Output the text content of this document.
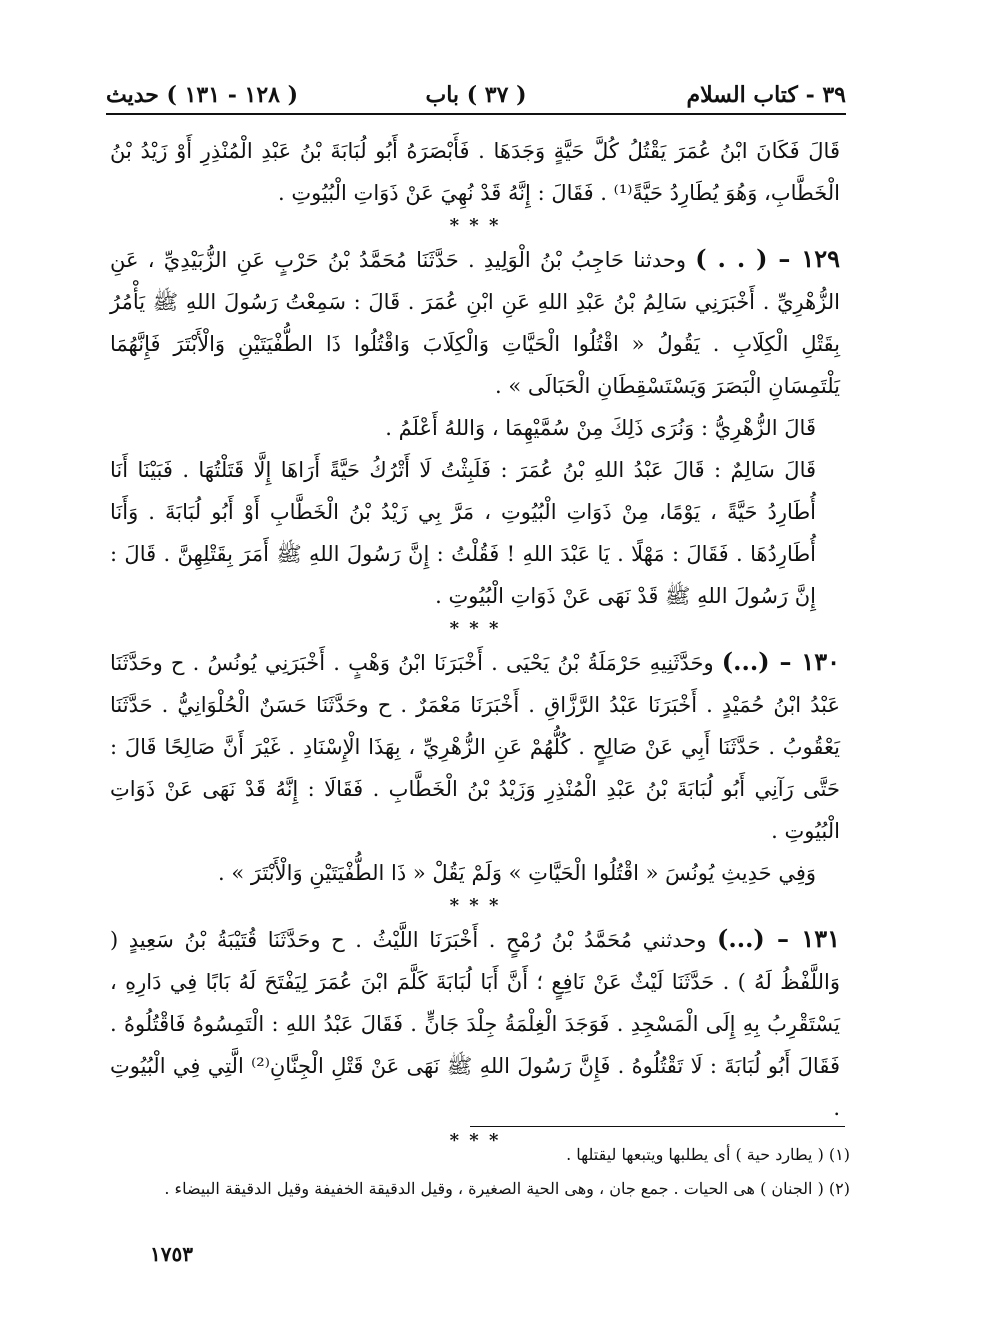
٣٩ - كتاب السلام
( ٣٧ ) باب
( ١٢٨ - ١٣١ ) حديث

قَالَ فَكَانَ ابْنُ عُمَرَ يَقْتُلُ كُلَّ حَيَّةٍ وَجَدَهَا . فَأَبْصَرَهُ أَبُو لُبَابَةَ بْنُ عَبْدِ الْمُنْذِرِ أَوْ زَيْدُ بْنُ الْخَطَّابِ، وَهُوَ يُطَارِدُ حَيَّةً⁽¹⁾ . فَقَالَ : إِنَّهُ قَدْ نُهِيَ عَنْ ذَوَاتِ الْبُيُوتِ .

* * *

١٢٩ – ( . . ) وحدثنا حَاجِبُ بْنُ الْوَلِيدِ . حَدَّثَنَا مُحَمَّدُ بْنُ حَرْبٍ عَنِ الزُّبَيْدِيِّ ، عَنِ الزُّهْرِيِّ . أَخْبَرَنِي سَالِمُ بْنُ عَبْدِ اللهِ عَنِ ابْنِ عُمَرَ . قَالَ : سَمِعْتُ رَسُولَ اللهِ ﷺ يَأْمُرُ بِقَتْلِ الْكِلَابِ . يَقُولُ « اقْتُلُوا الْحَيَّاتِ وَالْكِلَابَ وَاقْتُلُوا ذَا الطُّفْيَتَيْنِ وَالْأَبْتَرَ فَإِنَّهُمَا يَلْتَمِسَانِ الْبَصَرَ وَيَسْتَسْقِطَانِ الْحَبَالَى » .

قَالَ الزُّهْرِيُّ : وَنُرَى ذَلِكَ مِنْ سُمَّيْهِمَا ، وَاللهُ أَعْلَمُ .

قَالَ سَالِمٌ : قَالَ عَبْدُ اللهِ بْنُ عُمَرَ : فَلَبِثْتُ لَا أَتْرُكُ حَيَّةً أَرَاهَا إِلَّا قَتَلْتُهَا . فَبَيْنَا أَنَا أُطَارِدُ حَيَّةً ، يَوْمًا، مِنْ ذَوَاتِ الْبُيُوتِ ، مَرَّ بِي زَيْدُ بْنُ الْخَطَّابِ أَوْ أَبُو لُبَابَةَ . وَأَنَا أُطَارِدُهَا . فَقَالَ : مَهْلًا . يَا عَبْدَ اللهِ ! فَقُلْتُ : إِنَّ رَسُولَ اللهِ ﷺ أَمَرَ بِقَتْلِهِنَّ . قَالَ : إِنَّ رَسُولَ اللهِ ﷺ قَدْ نَهَى عَنْ ذَوَاتِ الْبُيُوتِ .

* * *

١٣٠ – (...) وحَدَّثَنِيهِ حَرْمَلَةُ بْنُ يَحْيَى . أَخْبَرَنَا ابْنُ وَهْبٍ . أَخْبَرَنِي يُونُسُ . ح وحَدَّثَنَا عَبْدُ ابْنُ حُمَيْدٍ . أَخْبَرَنَا عَبْدُ الرَّزَّاقِ . أَخْبَرَنَا مَعْمَرٌ . ح وحَدَّثَنَا حَسَنٌ الْحُلْوَانِيُّ . حَدَّثَنَا يَعْقُوبُ . حَدَّثَنَا أَبِي عَنْ صَالِحٍ . كُلُّهُمْ عَنِ الزُّهْرِيِّ ، بِهَذَا الْإِسْنَادِ . غَيْرَ أَنَّ صَالِحًا قَالَ : حَتَّى رَآنِي أَبُو لُبَابَةَ بْنُ عَبْدِ الْمُنْذِرِ وَزَيْدُ بْنُ الْخَطَّابِ . فَقَالَا : إِنَّهُ قَدْ نَهَى عَنْ ذَوَاتِ الْبُيُوتِ .

وَفِي حَدِيثِ يُونُسَ « اقْتُلُوا الْحَيَّاتِ » وَلَمْ يَقُلْ « ذَا الطُّفْيَتَيْنِ وَالْأَبْتَرَ » .

* * *

١٣١ – (...) وحدثني مُحَمَّدُ بْنُ رُمْحٍ . أَخْبَرَنَا اللَّيْثُ . ح وحَدَّثَنَا قُتَيْبَةُ بْنُ سَعِيدٍ ( وَاللَّفْظُ لَهُ ) . حَدَّثَنَا لَيْثٌ عَنْ نَافِعٍ ؛ أَنَّ أَبَا لُبَابَةَ كَلَّمَ ابْنَ عُمَرَ لِيَفْتَحَ لَهُ بَابًا فِي دَارِهِ ، يَسْتَقْرِبُ بِهِ إِلَى الْمَسْجِدِ . فَوَجَدَ الْغِلْمَةُ جِلْدَ جَانٍّ . فَقَالَ عَبْدُ اللهِ : الْتَمِسُوهُ فَاقْتُلُوهُ . فَقَالَ أَبُو لُبَابَةَ : لَا تَقْتُلُوهُ . فَإِنَّ رَسُولَ اللهِ ﷺ نَهَى عَنْ قَتْلِ الْجِنَّانِ⁽²⁾ الَّتِي فِي الْبُيُوتِ .

* * *

(١) ( يطارد حية ) أى يطلبها ويتبعها ليقتلها .

(٢) ( الجنان ) هى الحيات . جمع جان ، وهى الحية الصغيرة ، وقيل الدقيقة الخفيفة وقيل الدقيقة البيضاء .

١٧٥٣
